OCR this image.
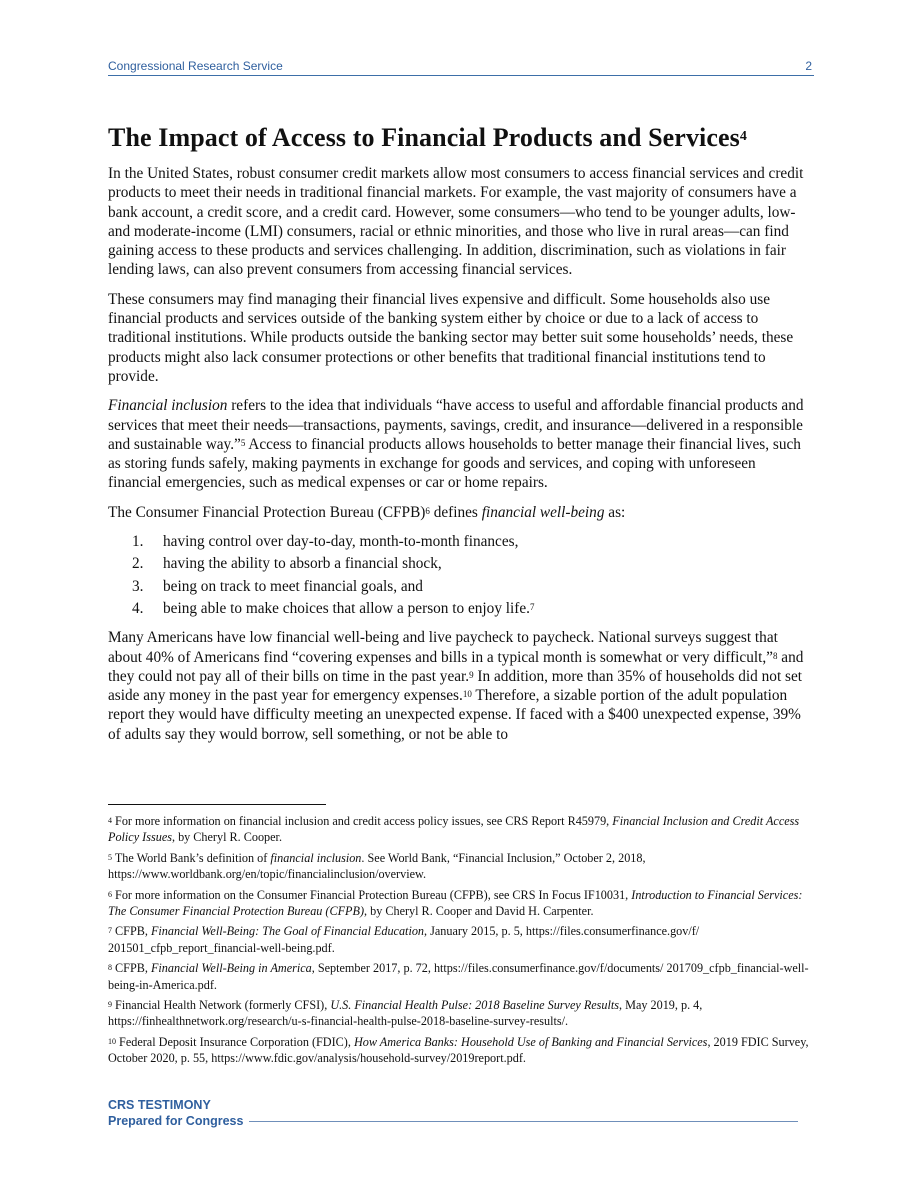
Congressional Research Service	2
The Impact of Access to Financial Products and Services$^4$

In the United States, robust consumer credit markets allow most consumers to access financial services and credit products to meet their needs in traditional financial markets. For example, the vast majority of consumers have a bank account, a credit score, and a credit card. However, some consumers—who tend to be younger adults, low- and moderate-income (LMI) consumers, racial or ethnic minorities, and those who live in rural areas—can find gaining access to these products and services challenging. In addition, discrimination, such as violations in fair lending laws, can also prevent consumers from accessing financial services.

These consumers may find managing their financial lives expensive and difficult. Some households also use financial products and services outside of the banking system either by choice or due to a lack of access to traditional institutions. While products outside the banking sector may better suit some households’ needs, these products might also lack consumer protections or other benefits that traditional financial institutions tend to provide.

Financial inclusion refers to the idea that individuals “have access to useful and affordable financial products and services that meet their needs—transactions, payments, savings, credit, and insurance—delivered in a responsible and sustainable way.”$^5$ Access to financial products allows households to better manage their financial lives, such as storing funds safely, making payments in exchange for goods and services, and coping with unforeseen financial emergencies, such as medical expenses or car or home repairs.

The Consumer Financial Protection Bureau (CFPB)$^6$ defines financial well-being as:

1.	having control over day-to-day, month-to-month finances,
2.	having the ability to absorb a financial shock,
3.	being on track to meet financial goals, and
4.	being able to make choices that allow a person to enjoy life.$^7$

Many Americans have low financial well-being and live paycheck to paycheck. National surveys suggest that about 40% of Americans find “covering expenses and bills in a typical month is somewhat or very difficult,”$^8$ and they could not pay all of their bills on time in the past year.$^9$ In addition, more than 35% of households did not set aside any money in the past year for emergency expenses.$^{10}$ Therefore, a sizable portion of the adult population report they would have difficulty meeting an unexpected expense. If faced with a $400 unexpected expense, 39% of adults say they would borrow, sell something, or not be able to

$^4$ For more information on financial inclusion and credit access policy issues, see CRS Report R45979, Financial Inclusion and Credit Access Policy Issues, by Cheryl R. Cooper.

$^5$ The World Bank’s definition of financial inclusion. See World Bank, “Financial Inclusion,” October 2, 2018, https://www.worldbank.org/en/topic/financialinclusion/overview.

$^6$ For more information on the Consumer Financial Protection Bureau (CFPB), see CRS In Focus IF10031, Introduction to Financial Services: The Consumer Financial Protection Bureau (CFPB), by Cheryl R. Cooper and David H. Carpenter.

$^7$ CFPB, Financial Well-Being: The Goal of Financial Education, January 2015, p. 5, https://files.consumerfinance.gov/f/ 201501_cfpb_report_financial-well-being.pdf.

$^8$ CFPB, Financial Well-Being in America, September 2017, p. 72, https://files.consumerfinance.gov/f/documents/ 201709_cfpb_financial-well-being-in-America.pdf.

$^9$ Financial Health Network (formerly CFSI), U.S. Financial Health Pulse: 2018 Baseline Survey Results, May 2019, p. 4, https://finhealthnetwork.org/research/u-s-financial-health-pulse-2018-baseline-survey-results/.

$^{10}$ Federal Deposit Insurance Corporation (FDIC), How America Banks: Household Use of Banking and Financial Services, 2019 FDIC Survey, October 2020, p. 55, https://www.fdic.gov/analysis/household-survey/2019report.pdf.

CRS TESTIMONY
Prepared for Congress
